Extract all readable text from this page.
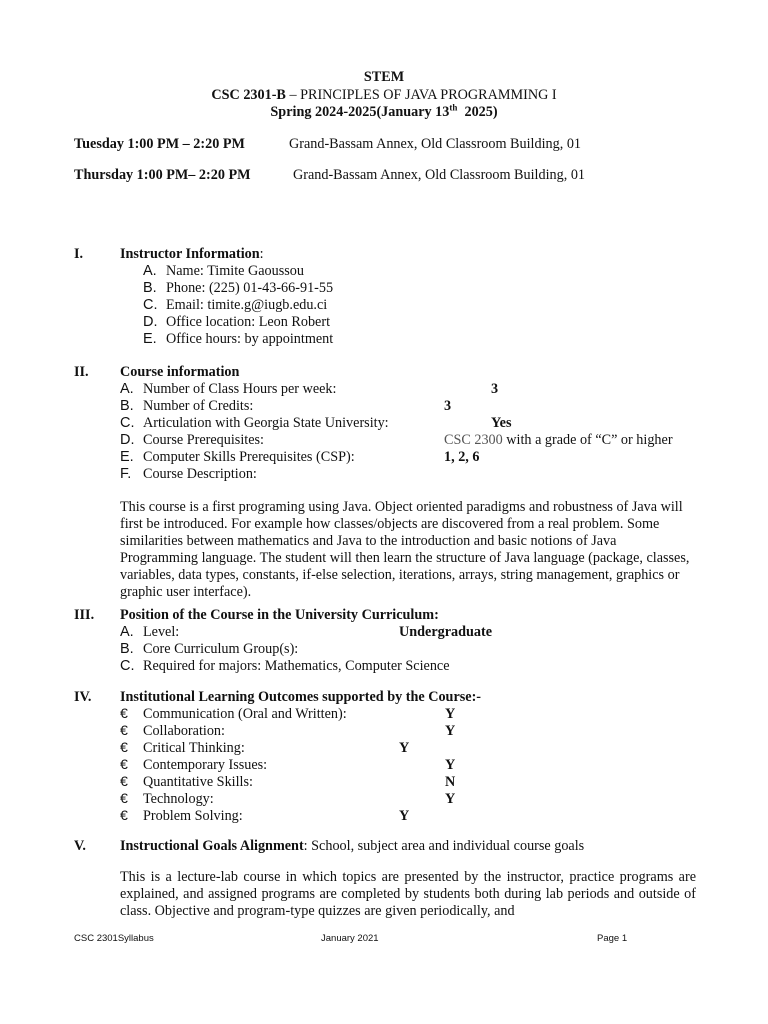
STEM
CSC 2301-B – PRINCIPLES OF JAVA PROGRAMMING I
Spring 2024-2025(January 13th  2025)
Tuesday 1:00 PM – 2:20 PM	Grand-Bassam Annex, Old Classroom Building, 01
Thursday 1:00 PM– 2:20 PM	Grand-Bassam Annex, Old Classroom Building, 01
I.	Instructor Information:
A. Name: Timite Gaoussou
B. Phone: (225) 01-43-66-91-55
C. Email: timite.g@iugb.edu.ci
D. Office location: Leon Robert
E. Office hours: by appointment
II. Course information
A. Number of Class Hours per week:	3
B. Number of Credits:	3
C. Articulation with Georgia State University:	Yes
D. Course Prerequisites:	CSC 2300 with a grade of “C” or higher
E. Computer Skills Prerequisites (CSP):	1, 2, 6
F. Course Description:
This course is a first programing using Java. Object oriented paradigms and robustness of Java will first be introduced. For example how classes/objects are discovered from a real problem. Some similarities between mathematics and Java to the introduction and basic notions of Java Programming language. The student will then learn the structure of Java language (package, classes, variables, data types, constants, if-else selection, iterations, arrays, string management, graphics or graphic user interface).
III. Position of the Course in the University Curriculum:
A. Level:	Undergraduate
B. Core Curriculum Group(s):
C. Required for majors: Mathematics, Computer Science
IV. Institutional Learning Outcomes supported by the Course:-
€ Communication (Oral and Written):	Y
€ Collaboration:	Y
€ Critical Thinking:	Y
€ Contemporary Issues:	Y
€ Quantitative Skills:	N
€ Technology:	Y
€ Problem Solving:	Y
V. Instructional Goals Alignment: School, subject area and individual course goals
This is a lecture-lab course in which topics are presented by the instructor, practice programs are explained, and assigned programs are completed by students both during lab periods and outside of class. Objective and program-type quizzes are given periodically, and
CSC 2301Syllabus	January 2021	Page 1
